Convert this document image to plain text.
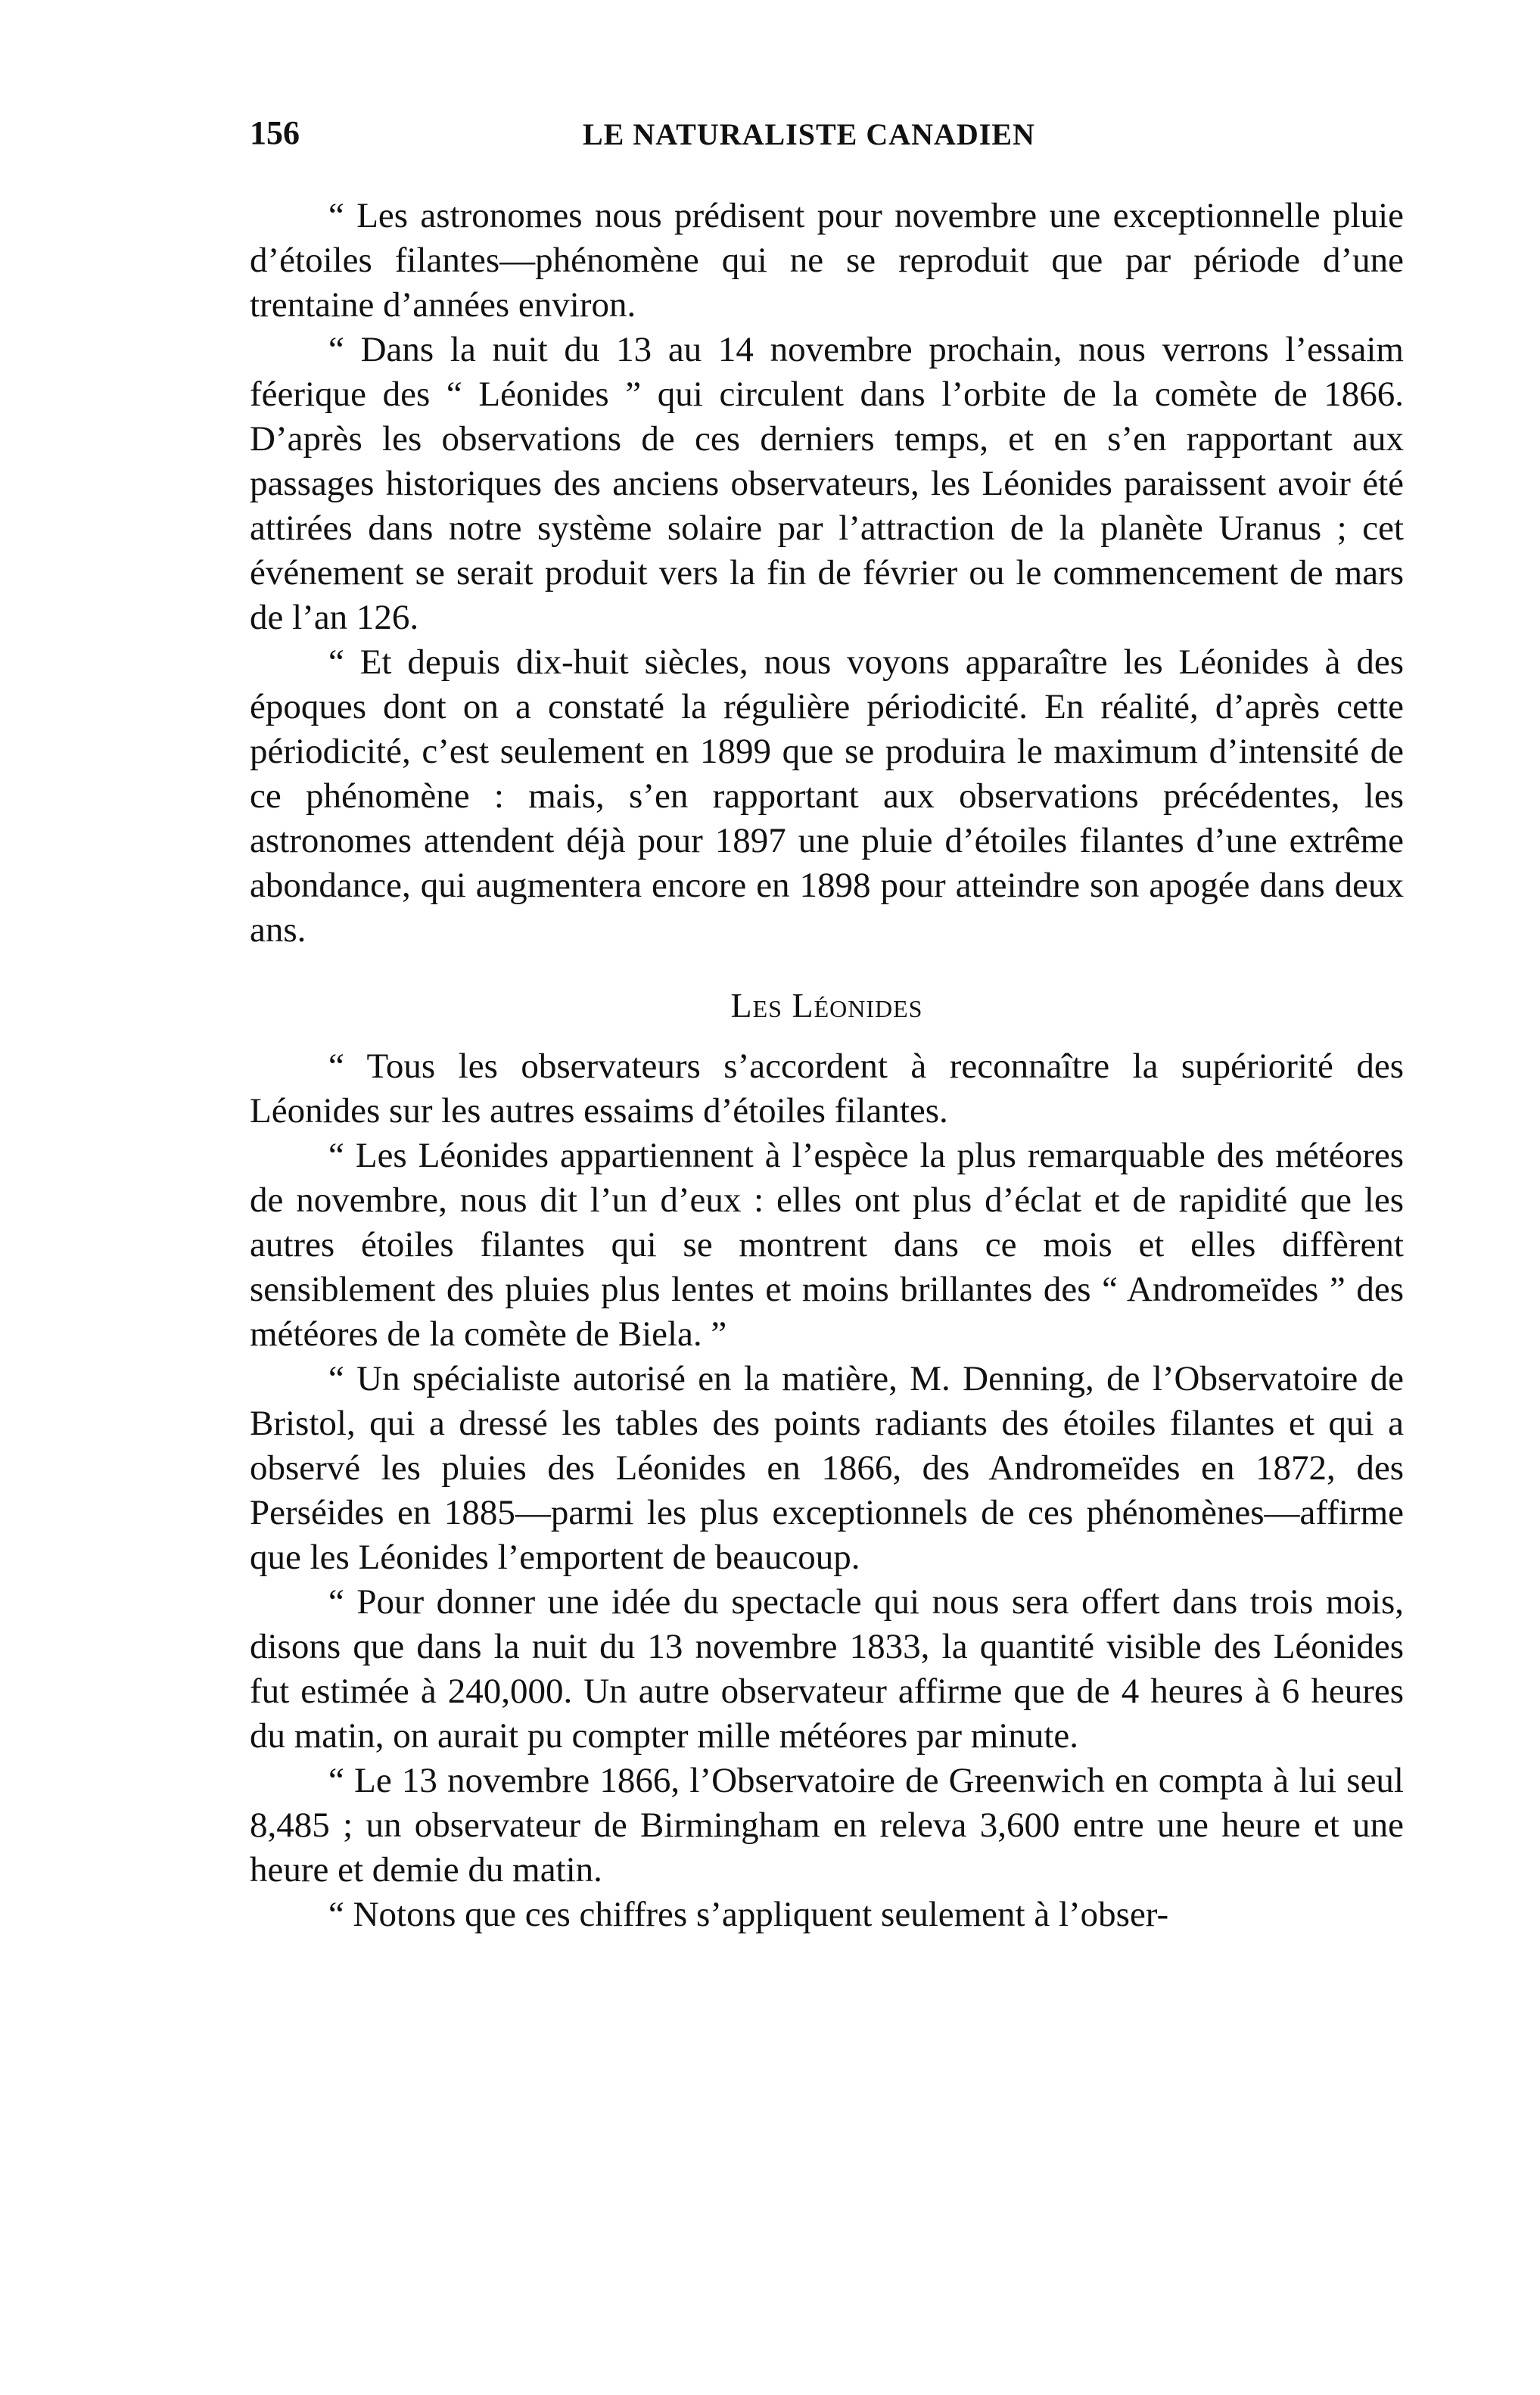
156	LE NATURALISTE CANADIEN

“ Les astronomes nous prédisent pour novembre une exceptionnelle pluie d’étoiles filantes—phénomène qui ne se reproduit que par période d’une trentaine d’années environ.

“ Dans la nuit du 13 au 14 novembre prochain, nous verrons l’essaim féerique des “ Léonides ” qui circulent dans l’orbite de la comète de 1866. D’après les observations de ces derniers temps, et en s’en rapportant aux passages historiques des anciens observateurs, les Léonides paraissent avoir été attirées dans notre système solaire par l’attraction de la planète Uranus ; cet événement se serait produit vers la fin de février ou le commencement de mars de l’an 126.

“ Et depuis dix-huit siècles, nous voyons apparaître les Léonides à des époques dont on a constaté la régulière périodicité. En réalité, d’après cette périodicité, c’est seulement en 1899 que se produira le maximum d’intensité de ce phénomène : mais, s’en rapportant aux observations précédentes, les astronomes attendent déjà pour 1897 une pluie d’étoiles filantes d’une extrême abondance, qui augmentera encore en 1898 pour atteindre son apogée dans deux ans.

Les Léonides

“ Tous les observateurs s’accordent à reconnaître la supériorité des Léonides sur les autres essaims d’étoiles filantes.

“ Les Léonides appartiennent à l’espèce la plus remarquable des météores de novembre, nous dit l’un d’eux : elles ont plus d’éclat et de rapidité que les autres étoiles filantes qui se montrent dans ce mois et elles diffèrent sensiblement des pluies plus lentes et moins brillantes des “ Andromeïdes ” des météores de la comète de Biela. ”

“ Un spécialiste autorisé en la matière, M. Denning, de l’Observatoire de Bristol, qui a dressé les tables des points radiants des étoiles filantes et qui a observé les pluies des Léonides en 1866, des Andromeïdes en 1872, des Perséides en 1885—parmi les plus exceptionnels de ces phénomènes—affirme que les Léonides l’emportent de beaucoup.

“ Pour donner une idée du spectacle qui nous sera offert dans trois mois, disons que dans la nuit du 13 novembre 1833, la quantité visible des Léonides fut estimée à 240,000. Un autre observateur affirme que de 4 heures à 6 heures du matin, on aurait pu compter mille météores par minute.

“ Le 13 novembre 1866, l’Observatoire de Greenwich en compta à lui seul 8,485 ; un observateur de Birmingham en releva 3,600 entre une heure et une heure et demie du matin.

“ Notons que ces chiffres s’appliquent seulement à l’obser-
